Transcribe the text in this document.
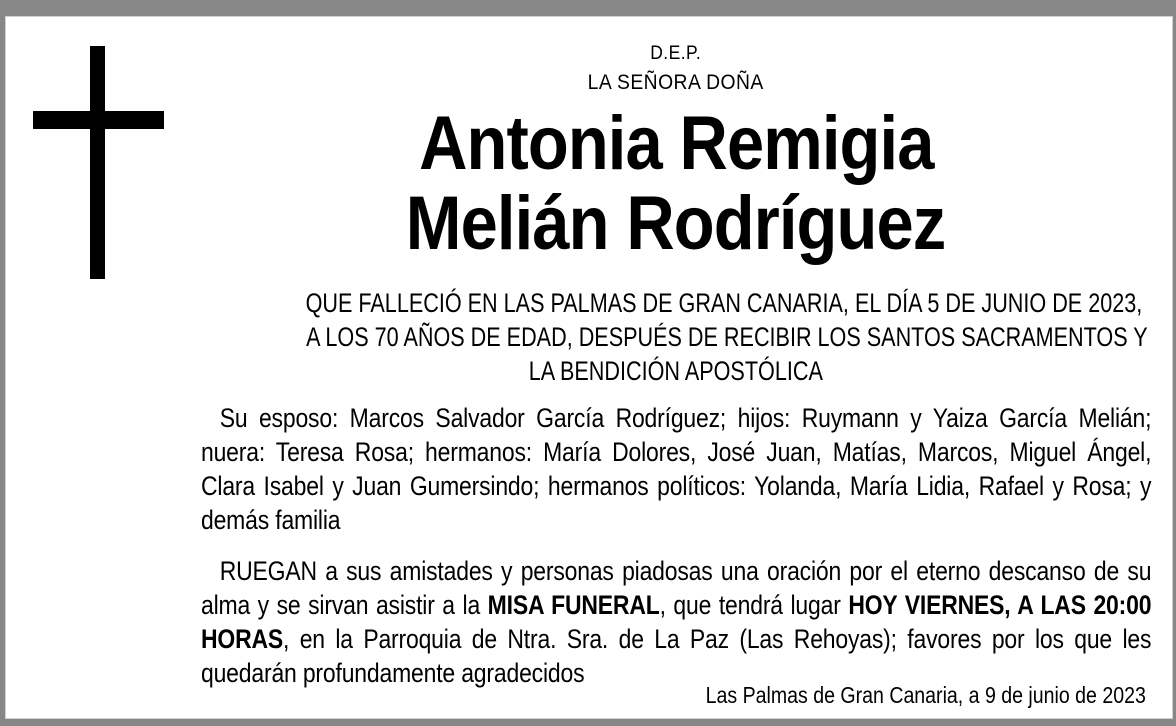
D.E.P.
LA SEÑORA DOÑA
Antonia Remigia
Melián Rodríguez
QUE FALLECIÓ EN LAS PALMAS DE GRAN CANARIA, EL DÍA 5 DE JUNIO DE 2023,
A LOS 70 AÑOS DE EDAD, DESPUÉS DE RECIBIR LOS SANTOS SACRAMENTOS Y
LA BENDICIÓN APOSTÓLICA
Su esposo: Marcos Salvador García Rodríguez; hijos: Ruymann y Yaiza García Melián; nuera: Teresa Rosa; hermanos: María Dolores, José Juan, Matías, Marcos, Miguel Ángel, Clara Isabel y Juan Gumersindo; hermanos políticos: Yolanda, María Lidia, Rafael y Rosa; y demás familia
RUEGAN a sus amistades y personas piadosas una oración por el eterno descanso de su alma y se sirvan asistir a la MISA FUNERAL, que tendrá lugar HOY VIERNES, A LAS 20:00 HORAS, en la Parroquia de Ntra. Sra. de La Paz (Las Rehoyas); favores por los que les quedarán profundamente agradecidos
Las Palmas de Gran Canaria, a 9 de junio de 2023
